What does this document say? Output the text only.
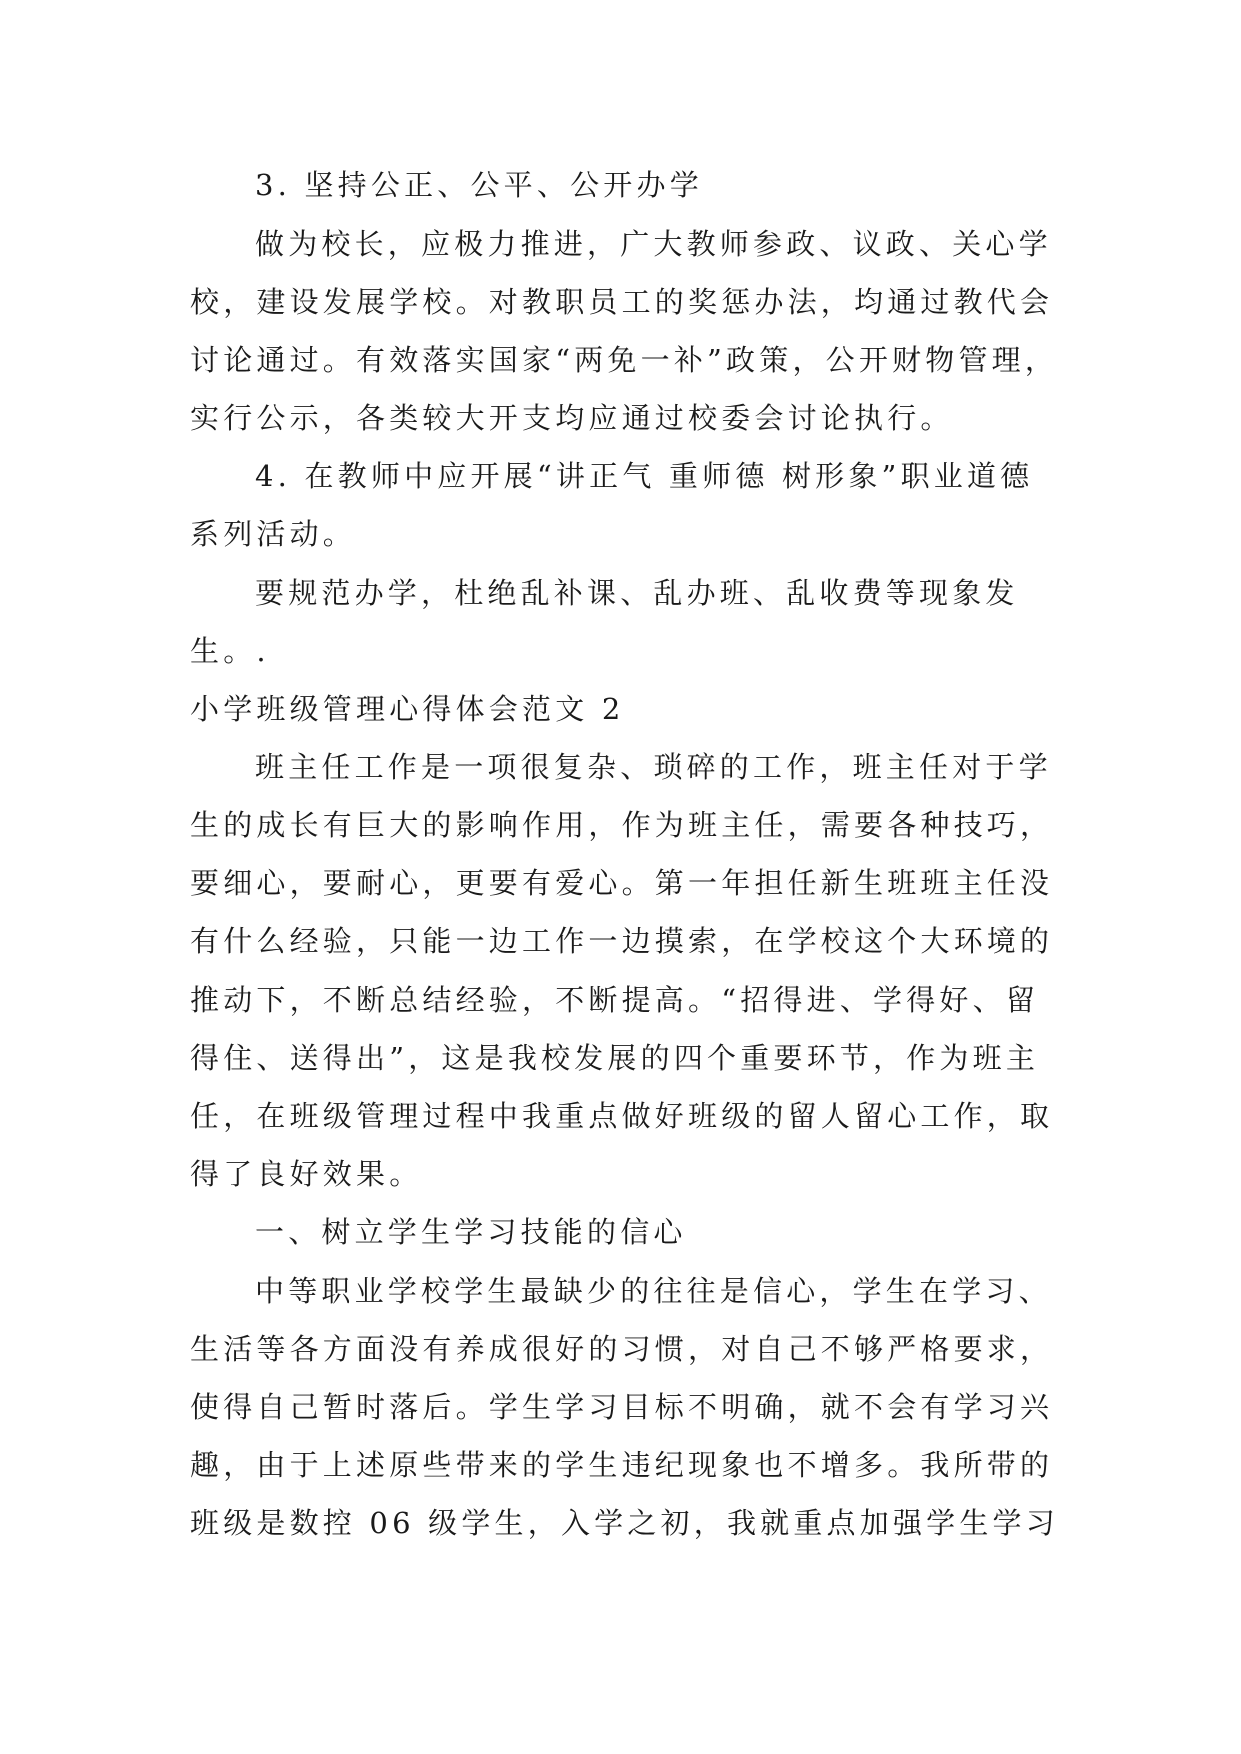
3. 坚持公正、公平、公开办学
做为校长，应极力推进，广大教师参政、议政、关心学
校，建设发展学校。对教职员工的奖惩办法，均通过教代会
讨论通过。有效落实国家“两免一补”政策，公开财物管理，
实行公示，各类较大开支均应通过校委会讨论执行。
4. 在教师中应开展“讲正气 重师德 树形象”职业道德
系列活动。
要规范办学，杜绝乱补课、乱办班、乱收费等现象发
生。.
小学班级管理心得体会范文 2
班主任工作是一项很复杂、琐碎的工作，班主任对于学
生的成长有巨大的影响作用，作为班主任，需要各种技巧，
要细心，要耐心，更要有爱心。第一年担任新生班班主任没
有什么经验，只能一边工作一边摸索，在学校这个大环境的
推动下，不断总结经验，不断提高。“招得进、学得好、留
得住、送得出”，这是我校发展的四个重要环节，作为班主
任，在班级管理过程中我重点做好班级的留人留心工作，取
得了良好效果。
一、树立学生学习技能的信心
中等职业学校学生最缺少的往往是信心，学生在学习、
生活等各方面没有养成很好的习惯，对自己不够严格要求，
使得自己暂时落后。学生学习目标不明确，就不会有学习兴
趣，由于上述原些带来的学生违纪现象也不增多。我所带的
班级是数控 06 级学生，入学之初，我就重点加强学生学习
